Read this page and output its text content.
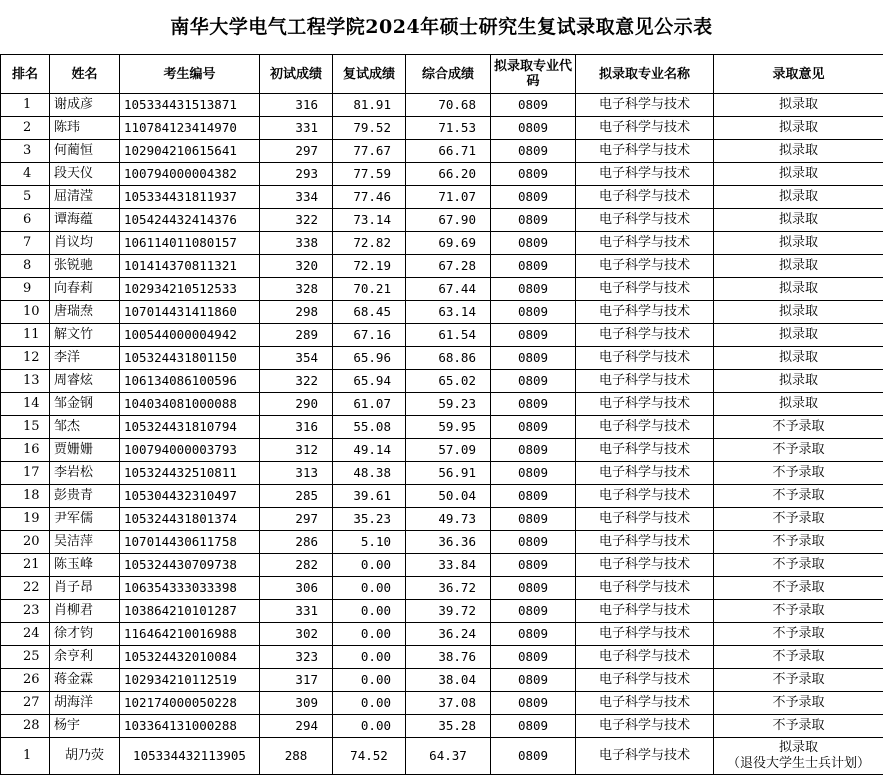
南华大学电气工程学院2024年硕士研究生复试录取意见公示表
排名	姓名	考生编号	初试成绩	复试成绩	综合成绩	拟录取专业代码	拟录取专业名称	录取意见
1	谢成彦	105334431513871	316	81.91	70.68	0809	电子科学与技术	拟录取
2	陈玮	110784123414970	331	79.52	71.53	0809	电子科学与技术	拟录取
3	何蔺恒	102904210615641	297	77.67	66.71	0809	电子科学与技术	拟录取
4	段天仪	100794000004382	293	77.59	66.20	0809	电子科学与技术	拟录取
5	屈清滢	105334431811937	334	77.46	71.07	0809	电子科学与技术	拟录取
6	谭海蕴	105424432414376	322	73.14	67.90	0809	电子科学与技术	拟录取
7	肖议均	106114011080157	338	72.82	69.69	0809	电子科学与技术	拟录取
8	张锐驰	101414370811321	320	72.19	67.28	0809	电子科学与技术	拟录取
9	向春莉	102934210512533	328	70.21	67.44	0809	电子科学与技术	拟录取
10	唐瑞焘	107014431411860	298	68.45	63.14	0809	电子科学与技术	拟录取
11	解文竹	100544000004942	289	67.16	61.54	0809	电子科学与技术	拟录取
12	李洋	105324431801150	354	65.96	68.86	0809	电子科学与技术	拟录取
13	周睿炫	106134086100596	322	65.94	65.02	0809	电子科学与技术	拟录取
14	邹金钢	104034081000088	290	61.07	59.23	0809	电子科学与技术	拟录取
15	邹杰	105324431810794	316	55.08	59.95	0809	电子科学与技术	不予录取
16	贾姗姗	100794000003793	312	49.14	57.09	0809	电子科学与技术	不予录取
17	李岩松	105324432510811	313	48.38	56.91	0809	电子科学与技术	不予录取
18	彭贵青	105304432310497	285	39.61	50.04	0809	电子科学与技术	不予录取
19	尹军儒	105324431801374	297	35.23	49.73	0809	电子科学与技术	不予录取
20	吴洁萍	107014430611758	286	5.10	36.36	0809	电子科学与技术	不予录取
21	陈玉峰	105324430709738	282	0.00	33.84	0809	电子科学与技术	不予录取
22	肖子昂	106354333033398	306	0.00	36.72	0809	电子科学与技术	不予录取
23	肖柳君	103864210101287	331	0.00	39.72	0809	电子科学与技术	不予录取
24	徐才钧	116464210016988	302	0.00	36.24	0809	电子科学与技术	不予录取
25	余亨利	105324432010084	323	0.00	38.76	0809	电子科学与技术	不予录取
26	蒋金霖	102934210112519	317	0.00	38.04	0809	电子科学与技术	不予录取
27	胡海洋	102174000050228	309	0.00	37.08	0809	电子科学与技术	不予录取
28	杨宇	103364131000288	294	0.00	35.28	0809	电子科学与技术	不予录取
1	胡乃荧	105334432113905	288	74.52	64.37	0809	电子科学与技术	拟录取
（退役大学生士兵计划）
